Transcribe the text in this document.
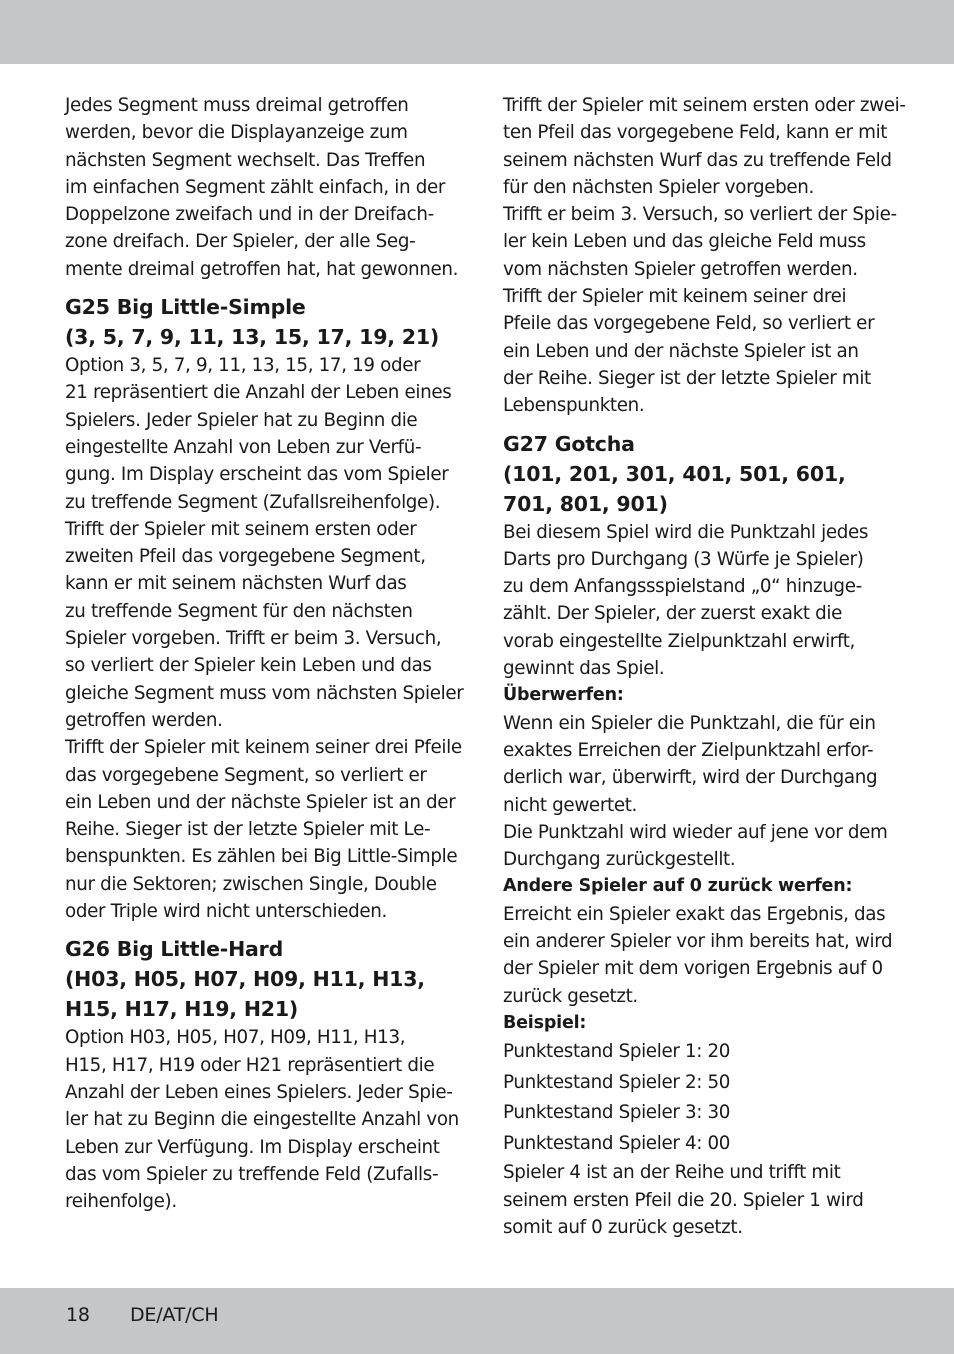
Jedes Segment muss dreimal getroffen
werden, bevor die Displayanzeige zum
nächsten Segment wechselt. Das Treffen
im einfachen Segment zählt einfach, in der
Doppelzone zweifach und in der Dreifach-
zone dreifach. Der Spieler, der alle Seg-
mente dreimal getroffen hat, hat gewonnen.
G25 Big Little-Simple
(3, 5, 7, 9, 11, 13, 15, 17, 19, 21)
Option 3, 5, 7, 9, 11, 13, 15, 17, 19 oder
21 repräsentiert die Anzahl der Leben eines
Spielers. Jeder Spieler hat zu Beginn die
eingestellte Anzahl von Leben zur Verfü-
gung. Im Display erscheint das vom Spieler
zu treffende Segment (Zufallsreihenfolge).
Trifft der Spieler mit seinem ersten oder
zweiten Pfeil das vorgegebene Segment,
kann er mit seinem nächsten Wurf das
zu treffende Segment für den nächsten
Spieler vorgeben. Trifft er beim 3. Versuch,
so verliert der Spieler kein Leben und das
gleiche Segment muss vom nächsten Spieler
getroffen werden.
Trifft der Spieler mit keinem seiner drei Pfeile
das vorgegebene Segment, so verliert er
ein Leben und der nächste Spieler ist an der
Reihe. Sieger ist der letzte Spieler mit Le-
benspunkten. Es zählen bei Big Little-Simple
nur die Sektoren; zwischen Single, Double
oder Triple wird nicht unterschieden.
G26 Big Little-Hard
(H03, H05, H07, H09, H11, H13,
H15, H17, H19, H21)
Option H03, H05, H07, H09, H11, H13,
H15, H17, H19 oder H21 repräsentiert die
Anzahl der Leben eines Spielers. Jeder Spie-
ler hat zu Beginn die eingestellte Anzahl von
Leben zur Verfügung. Im Display erscheint
das vom Spieler zu treffende Feld (Zufalls-
reihenfolge).
Trifft der Spieler mit seinem ersten oder zwei-
ten Pfeil das vorgegebene Feld, kann er mit
seinem nächsten Wurf das zu treffende Feld
für den nächsten Spieler vorgeben.
Trifft er beim 3. Versuch, so verliert der Spie-
ler kein Leben und das gleiche Feld muss
vom nächsten Spieler getroffen werden.
Trifft der Spieler mit keinem seiner drei
Pfeile das vorgegebene Feld, so verliert er
ein Leben und der nächste Spieler ist an
der Reihe. Sieger ist der letzte Spieler mit
Lebenspunkten.
G27 Gotcha
(101, 201, 301, 401, 501, 601,
701, 801, 901)
Bei diesem Spiel wird die Punktzahl jedes
Darts pro Durchgang (3 Würfe je Spieler)
zu dem Anfangssspielstand „0“ hinzuge-
zählt. Der Spieler, der zuerst exakt die
vorab eingestellte Zielpunktzahl erwirft,
gewinnt das Spiel.
Überwerfen:
Wenn ein Spieler die Punktzahl, die für ein
exaktes Erreichen der Zielpunktzahl erfor-
derlich war, überwirft, wird der Durchgang
nicht gewertet.
Die Punktzahl wird wieder auf jene vor dem
Durchgang zurückgestellt.
Andere Spieler auf 0 zurück werfen:
Erreicht ein Spieler exakt das Ergebnis, das
ein anderer Spieler vor ihm bereits hat, wird
der Spieler mit dem vorigen Ergebnis auf 0
zurück gesetzt.
Beispiel:
Punktestand Spieler 1: 20
Punktestand Spieler 2: 50
Punktestand Spieler 3: 30
Punktestand Spieler 4: 00
Spieler 4 ist an der Reihe und trifft mit
seinem ersten Pfeil die 20. Spieler 1 wird
somit auf 0 zurück gesetzt.
18 DE/AT/CH
